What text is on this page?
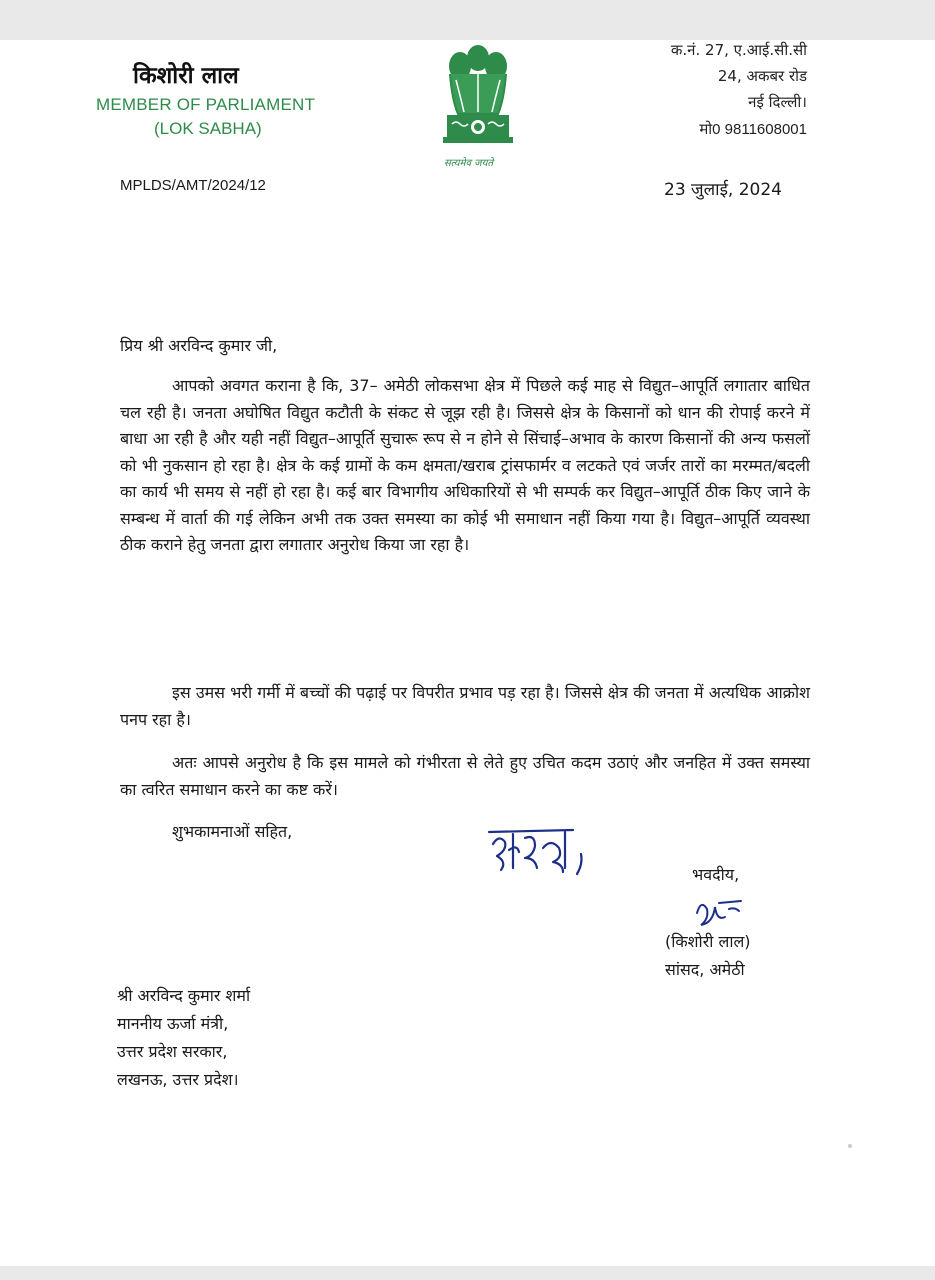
किशोरी लाल
MEMBER OF PARLIAMENT
(LOK SABHA)
सत्यमेव जयते
क.नं. 27, ए.आई.सी.सी
24, अकबर रोड
नई दिल्ली।
मो0 9811608001
MPLDS/AMT/2024/12	23 जुलाई, 2024
प्रिय श्री अरविन्द कुमार जी,
आपको अवगत कराना है कि, 37– अमेठी लोकसभा क्षेत्र में पिछले कई माह से विद्युत–आपूर्ति लगातार बाधित चल रही है। जनता अघोषित विद्युत कटौती के संकट से जूझ रही है। जिससे क्षेत्र के किसानों को धान की रोपाई करने में बाधा आ रही है और यही नहीं विद्युत–आपूर्ति सुचारू रूप से न होने से सिंचाई–अभाव के कारण किसानों की अन्य फसलों को भी नुकसान हो रहा है। क्षेत्र के कई ग्रामों के कम क्षमता/खराब ट्रांसफार्मर व लटकते एवं जर्जर तारों का मरम्मत/बदली का कार्य भी समय से नहीं हो रहा है। कई बार विभागीय अधिकारियों से भी सम्पर्क कर विद्युत–आपूर्ति ठीक किए जाने के सम्बन्ध में वार्ता की गई लेकिन अभी तक उक्त समस्या का कोई भी समाधान नहीं किया गया है। विद्युत–आपूर्ति व्यवस्था ठीक कराने हेतु जनता द्वारा लगातार अनुरोध किया जा रहा है।
इस उमस भरी गर्मी में बच्चों की पढ़ाई पर विपरीत प्रभाव पड़ रहा है। जिससे क्षेत्र की जनता में अत्यधिक आक्रोश पनप रहा है।
अतः आपसे अनुरोध है कि इस मामले को गंभीरता से लेते हुए उचित कदम उठाएं और जनहित में उक्त समस्या का त्वरित समाधान करने का कष्ट करें।
शुभकामनाओं सहित,
भवदीय,
(किशोरी लाल)
सांसद, अमेठी
श्री अरविन्द कुमार शर्मा
माननीय ऊर्जा मंत्री,
उत्तर प्रदेश सरकार,
लखनऊ, उत्तर प्रदेश।
